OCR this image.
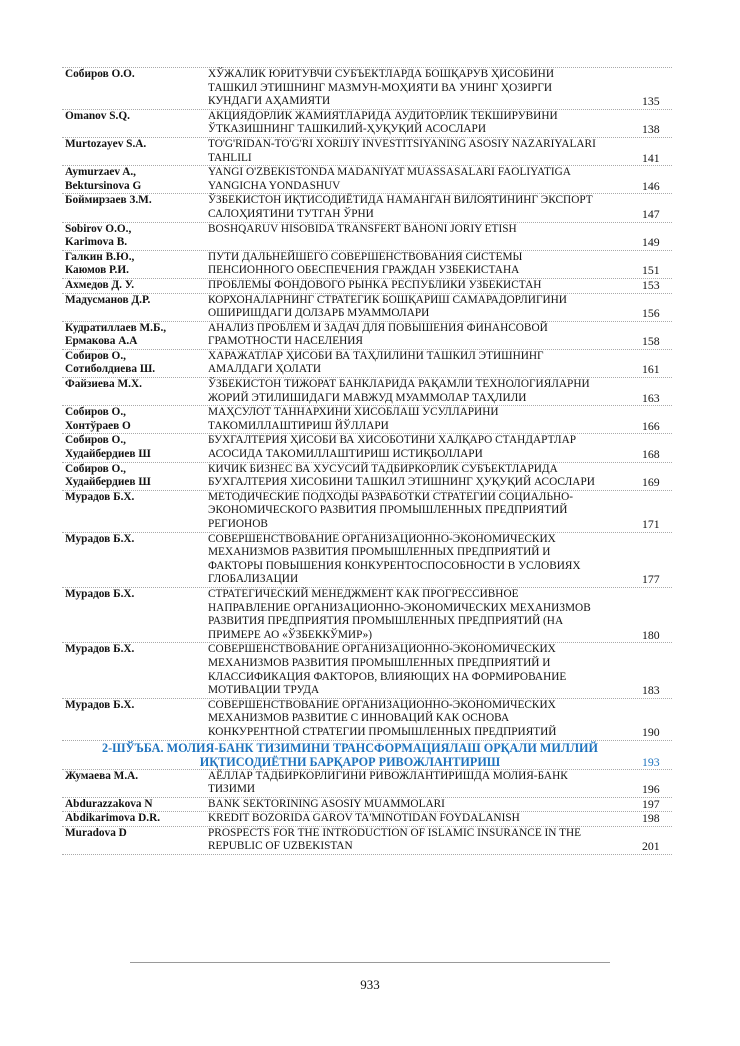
Собиров О.О.	ХЎЖАЛИК ЮРИТУВЧИ СУБЪЕКТЛАРДА БОШҚАРУВ ҲИСОБИНИ
ТАШКИЛ ЭТИШНИНГ МАЗМУН-МОҲИЯТИ ВА УНИНГ ҲОЗИРГИ
КУНДАГИ АҲАМИЯТИ	135
Omanov S.Q.	АКЦИЯДОРЛИК ЖАМИЯТЛАРИДА АУДИТОРЛИК ТЕКШИРУВИНИ
ЎТКАЗИШНИНГ ТАШКИЛИЙ-ҲУҚУҚИЙ АСОСЛАРИ	138
Murtozayev S.A.	TO'G'RIDAN-TO'G'RI XORIJIY INVESTITSIYANING ASOSIY NAZARIYALARI
TAHLILI	141
Aymurzaev A.,
Bektursinova G
YANGI O'ZBEKISTONDA MADANIYAT MUASSASALARI FAOLIYATIGA
YANGICHA YONDASHUV	146
Боймирзаев З.М.	ЎЗБЕКИСТОН ИҚТИСОДИЁТИДА НАМАНГАН ВИЛОЯТИНИНГ ЭКСПОРТ
САЛОҲИЯТИНИ ТУТГАН ЎРНИ	147
Sobirov O.O.,
Karimova B.
BOSHQARUV HISOBIDA TRANSFERT BAHONI JORIY ETISH
149
Галкин В.Ю.,
Каюмов Р.И.
ПУТИ ДАЛЬНЕЙШЕГО СОВЕРШЕНСТВОВАНИЯ СИСТЕМЫ
ПЕНСИОННОГО ОБЕСПЕЧЕНИЯ ГРАЖДАН УЗБЕКИСТАНА	151
Ахмедов Д. У.	ПРОБЛЕМЫ ФОНДОВОГО РЫНКА РЕСПУБЛИКИ УЗБЕКИСТАН	153
Мадусманов Д.Р.	КОРХОНАЛАРНИНГ СТРАТЕГИК БОШҚАРИШ САМАРАДОРЛИГИНИ
ОШИРИШДАГИ ДОЛЗАРБ МУАММОЛАРИ	156
Кудратиллаев М.Б.,
Ермакова А.А
АНАЛИЗ ПРОБЛЕМ И ЗАДАЧ ДЛЯ ПОВЫШЕНИЯ ФИНАНСОВОЙ
ГРАМОТНОСТИ НАСЕЛЕНИЯ	158
Собиров О.,
Сотиболдиева Ш.
ХАРАЖАТЛАР ҲИСОБИ ВА ТАҲЛИЛИНИ ТАШКИЛ ЭТИШНИНГ
АМАЛДАГИ ҲОЛАТИ	161
Файзиева М.Х.	ЎЗБЕКИСТОН ТИЖОРАТ БАНКЛАРИДА РАҚАМЛИ ТЕХНОЛОГИЯЛАРНИ
ЖОРИЙ ЭТИЛИШИДАГИ МАВЖУД МУАММОЛАР ТАҲЛИЛИ	163
Собиров О.,
Хонтўраев О
МАҲСУЛОТ ТАННАРХИНИ ХИСОБЛАШ УСУЛЛАРИНИ
ТАКОМИЛЛАШТИРИШ ЙЎЛЛАРИ	166
Собиров О.,
Худайбердиев Ш
БУХГАЛТЕРИЯ ҲИСОБИ ВА ХИСОБОТИНИ ХАЛҚАРО СТАНДАРТЛАР
АСОСИДА ТАКОМИЛЛАШТИРИШ ИСТИҚБОЛЛАРИ	168
Собиров О.,
Худайбердиев Ш
КИЧИК БИЗНЕС ВА ХУСУСИЙ ТАДБИРКОРЛИК СУБЪЕКТЛАРИДА
БУХГАЛТЕРИЯ ХИСОБИНИ ТАШКИЛ ЭТИШНИНГ ҲУҚУҚИЙ АСОСЛАРИ	169
Мурадов Б.Х.	МЕТОДИЧЕСКИЕ ПОДХОДЫ РАЗРАБОТКИ СТРАТЕГИИ СОЦИАЛЬНО-
ЭКОНОМИЧЕСКОГО РАЗВИТИЯ ПРОМЫШЛЕННЫХ ПРЕДПРИЯТИЙ
РЕГИОНОВ	171
Мурадов Б.Х.	СОВЕРШЕНСТВОВАНИЕ ОРГАНИЗАЦИОННО-ЭКОНОМИЧЕСКИХ
МЕХАНИЗМОВ РАЗВИТИЯ ПРОМЫШЛЕННЫХ ПРЕДПРИЯТИЙ И
ФАКТОРЫ ПОВЫШЕНИЯ КОНКУРЕНТОСПОСОБНОСТИ В УСЛОВИЯХ
ГЛОБАЛИЗАЦИИ	177
Мурадов Б.Х.	СТРАТЕГИЧЕСКИЙ МЕНЕДЖМЕНТ КАК ПРОГРЕССИВНОЕ
НАПРАВЛЕНИЕ ОРГАНИЗАЦИОННО-ЭКОНОМИЧЕСКИХ МЕХАНИЗМОВ
РАЗВИТИЯ ПРЕДПРИЯТИЯ ПРОМЫШЛЕННЫХ ПРЕДПРИЯТИЙ (НА
ПРИМЕРЕ АО «ЎЗБЕККЎМИР»)	180
Мурадов Б.Х.	СОВЕРШЕНСТВОВАНИЕ ОРГАНИЗАЦИОННО-ЭКОНОМИЧЕСКИХ
МЕХАНИЗМОВ РАЗВИТИЯ ПРОМЫШЛЕННЫХ ПРЕДПРИЯТИЙ И
КЛАССИФИКАЦИЯ ФАКТОРОВ, ВЛИЯЮЩИХ НА ФОРМИРОВАНИЕ
МОТИВАЦИИ ТРУДА	183
Мурадов Б.Х.	СОВЕРШЕНСТВОВАНИЕ ОРГАНИЗАЦИОННО-ЭКОНОМИЧЕСКИХ
МЕХАНИЗМОВ РАЗВИТИЕ С ИННОВАЦИЙ КАК ОСНОВА
КОНКУРЕНТНОЙ СТРАТЕГИИ ПРОМЫШЛЕННЫХ ПРЕДПРИЯТИЙ	190
2-ШЎЪБА. МОЛИЯ-БАНК ТИЗИМИНИ ТРАНСФОРМАЦИЯЛАШ ОРҚАЛИ МИЛЛИЙ
ИҚТИСОДИЁТНИ БАРҚАРОР РИВОЖЛАНТИРИШ	193
Жумаева М.А.	АЁЛЛАР ТАДБИРКОРЛИГИНИ РИВОЖЛАНТИРИШДА МОЛИЯ-БАНК
ТИЗИМИ	196
Abdurazzakova N	BANK SEKTORINING ASOSIY MUAMMOLARI	197
Abdikarimova D.R.	KREDIT BOZORIDA GAROV TA'MINOTIDAN FOYDALANISH	198
Muradova D	PROSPECTS FOR THE INTRODUCTION OF ISLAMIC INSURANCE IN THE
REPUBLIC OF UZBEKISTAN	201
933
